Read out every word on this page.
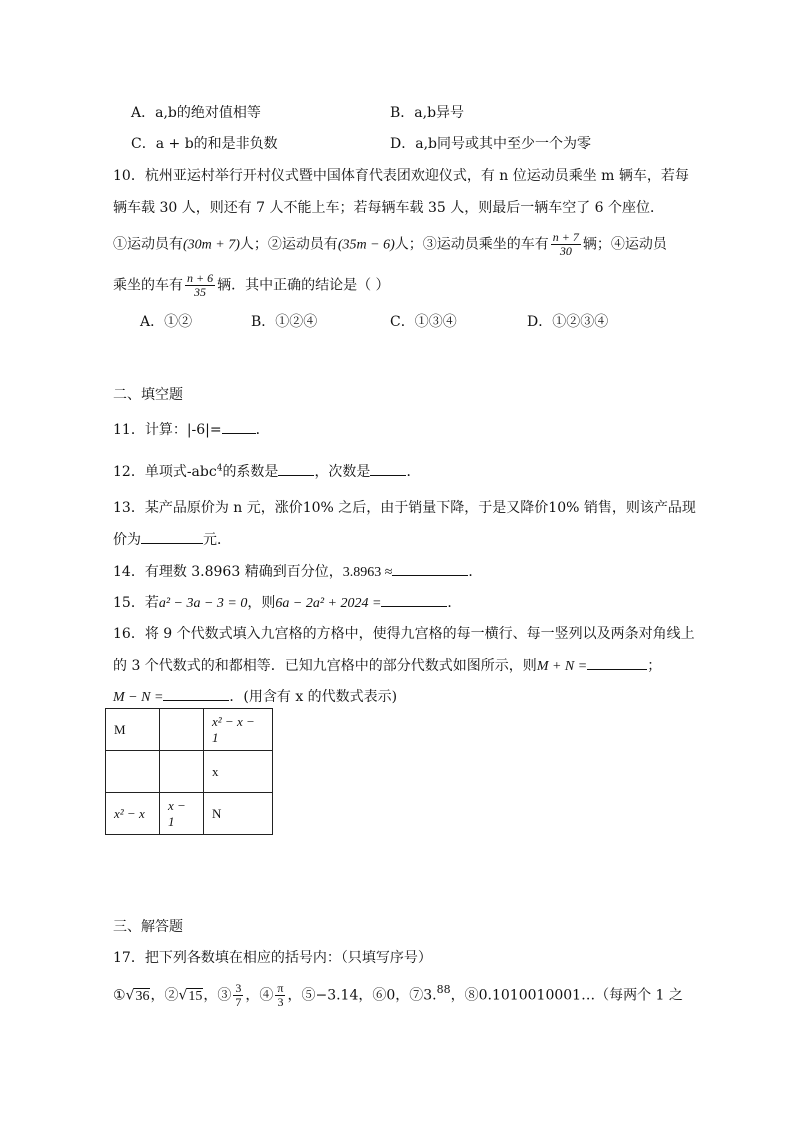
A．a,b的绝对值相等	B．a,b异号
C．a + b的和是非负数	D．a,b同号或其中至少一个为零
10．杭州亚运村举行开村仪式暨中国体育代表团欢迎仪式，有 n 位运动员乘坐 m 辆车，若每
辆车载 30 人，则还有 7 人不能上车；若每辆车载 35 人，则最后一辆车空了 6 个座位．
①运动员有(30m + 7)人；②运动员有(35m − 6)人；③运动员乘坐的车有 $\frac{n + 7}{30}$ 辆；④运动员
乘坐的车有 $\frac{n + 6}{35}$ 辆．其中正确的结论是（ ）
A．①②	B．①②④	C．①③④	D．①②③④
二、填空题
11．计算：|-6|= ．
12．单项式-abc$^4$的系数是	，次数是	．
13．某产品原价为 n 元，涨价10% 之后，由于销量下降，于是又降价10% 销售，则该产品现
价为	元．
14．有理数 3.8963 精确到百分位，3.8963 ≈	．
15．若a² − 3a − 3 = 0，则6a − 2a² + 2024 =	．
16．将 9 个代数式填入九宫格的方格中，使得九宫格的每一横行、每一竖列以及两条对角线上
的 3 个代数式的和都相等．已知九宫格中的部分代数式如图所示，则M + N =	；
M − N =	．(用含有 x 的代数式表示)
M		x² − x − 1
		x
x² − x	x − 1	N
三、解答题
17．把下列各数填在相应的括号内：（只填写序号）
①√36，②√15，③ $\frac{3}{7}$ ，④ $\frac{\pi}{3}$ ，⑤−3.14，⑥0，⑦3.88，⑧0.1010010001…（每两个 1 之
